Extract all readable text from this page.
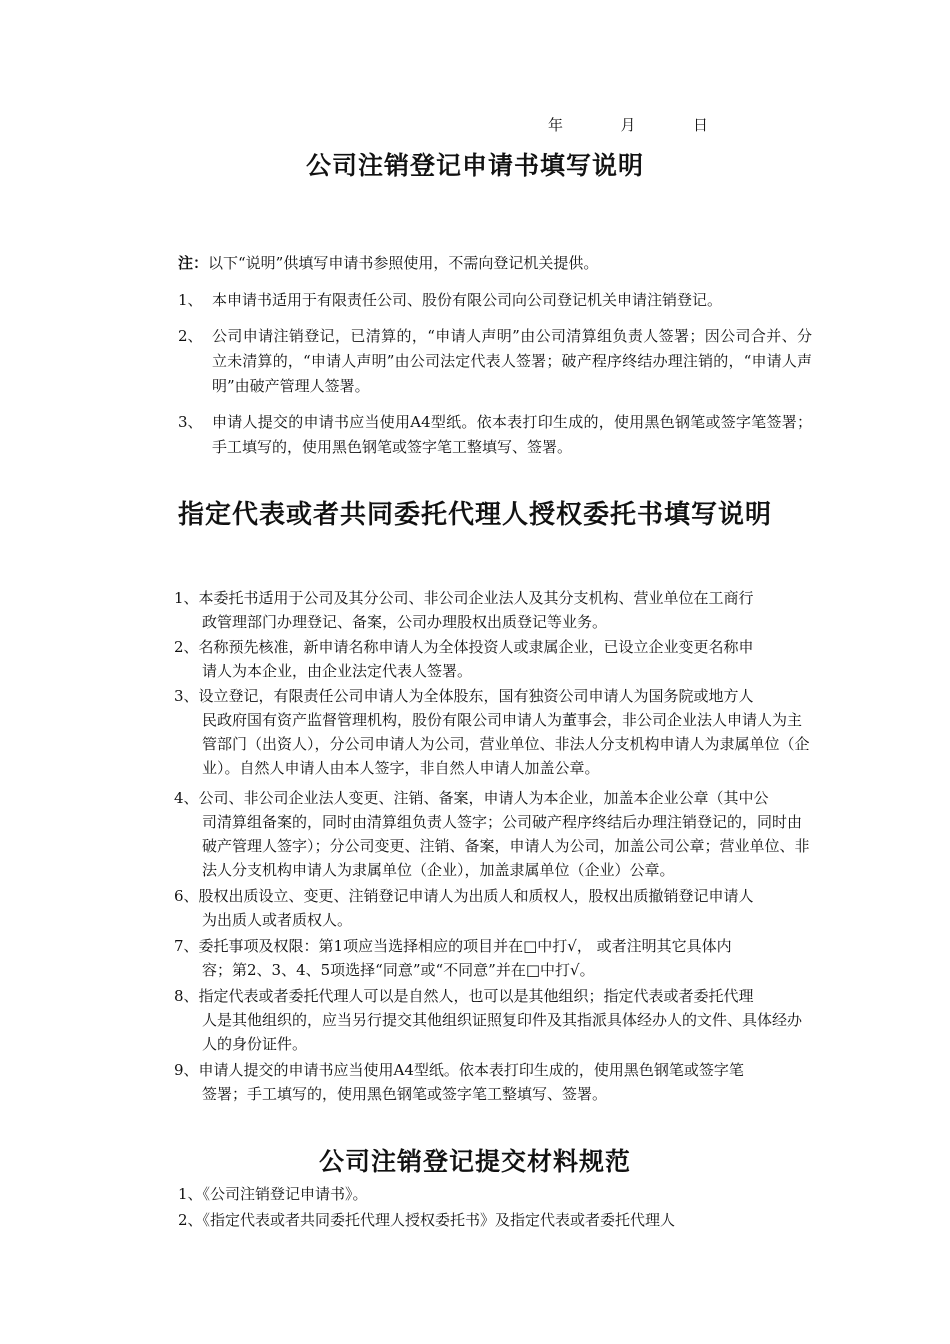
年	月	日
公司注销登记申请书填写说明
注：以下“说明”供填写申请书参照使用，不需向登记机关提供。
1、 本申请书适用于有限责任公司、股份有限公司向公司登记机关申请注销登记。
2、 公司申请注销登记，已清算的，“申请人声明”由公司清算组负责人签署；因公司合并、分立未清算的，“申请人声明”由公司法定代表人签署；破产程序终结办理注销的，“申请人声明”由破产管理人签署。
3、 申请人提交的申请书应当使用A4型纸。依本表打印生成的，使用黑色钢笔或签字笔签署；手工填写的，使用黑色钢笔或签字笔工整填写、签署。
指定代表或者共同委托代理人授权委托书填写说明
1、本委托书适用于公司及其分公司、非公司企业法人及其分支机构、营业单位在工商行
政管理部门办理登记、备案，公司办理股权出质登记等业务。
2、名称预先核准，新申请名称申请人为全体投资人或隶属企业，已设立企业变更名称申
请人为本企业，由企业法定代表人签署。
3、设立登记，有限责任公司申请人为全体股东，国有独资公司申请人为国务院或地方人
民政府国有资产监督管理机构，股份有限公司申请人为董事会，非公司企业法人申请人为主管部门（出资人），分公司申请人为公司，营业单位、非法人分支机构申请人为隶属单位（企业）。自然人申请人由本人签字，非自然人申请人加盖公章。
4、公司、非公司企业法人变更、注销、备案，申请人为本企业，加盖本企业公章（其中公
司清算组备案的，同时由清算组负责人签字；公司破产程序终结后办理注销登记的，同时由破产管理人签字）；分公司变更、注销、备案，申请人为公司，加盖公司公章；营业单位、非法人分支机构申请人为隶属单位（企业），加盖隶属单位（企业）公章。
6、股权出质设立、变更、注销登记申请人为出质人和质权人，股权出质撤销登记申请人
为出质人或者质权人。
7、委托事项及权限：第1项应当选择相应的项目并在□中打√， 或者注明其它具体内
容；第2、3、4、5项选择“同意”或“不同意”并在□中打√。
8、指定代表或者委托代理人可以是自然人，也可以是其他组织；指定代表或者委托代理
人是其他组织的，应当另行提交其他组织证照复印件及其指派具体经办人的文件、具体经办人的身份证件。
9、申请人提交的申请书应当使用A4型纸。依本表打印生成的，使用黑色钢笔或签字笔
签署；手工填写的，使用黑色钢笔或签字笔工整填写、签署。
公司注销登记提交材料规范
1、《公司注销登记申请书》。
2、《指定代表或者共同委托代理人授权委托书》及指定代表或者委托代理人
